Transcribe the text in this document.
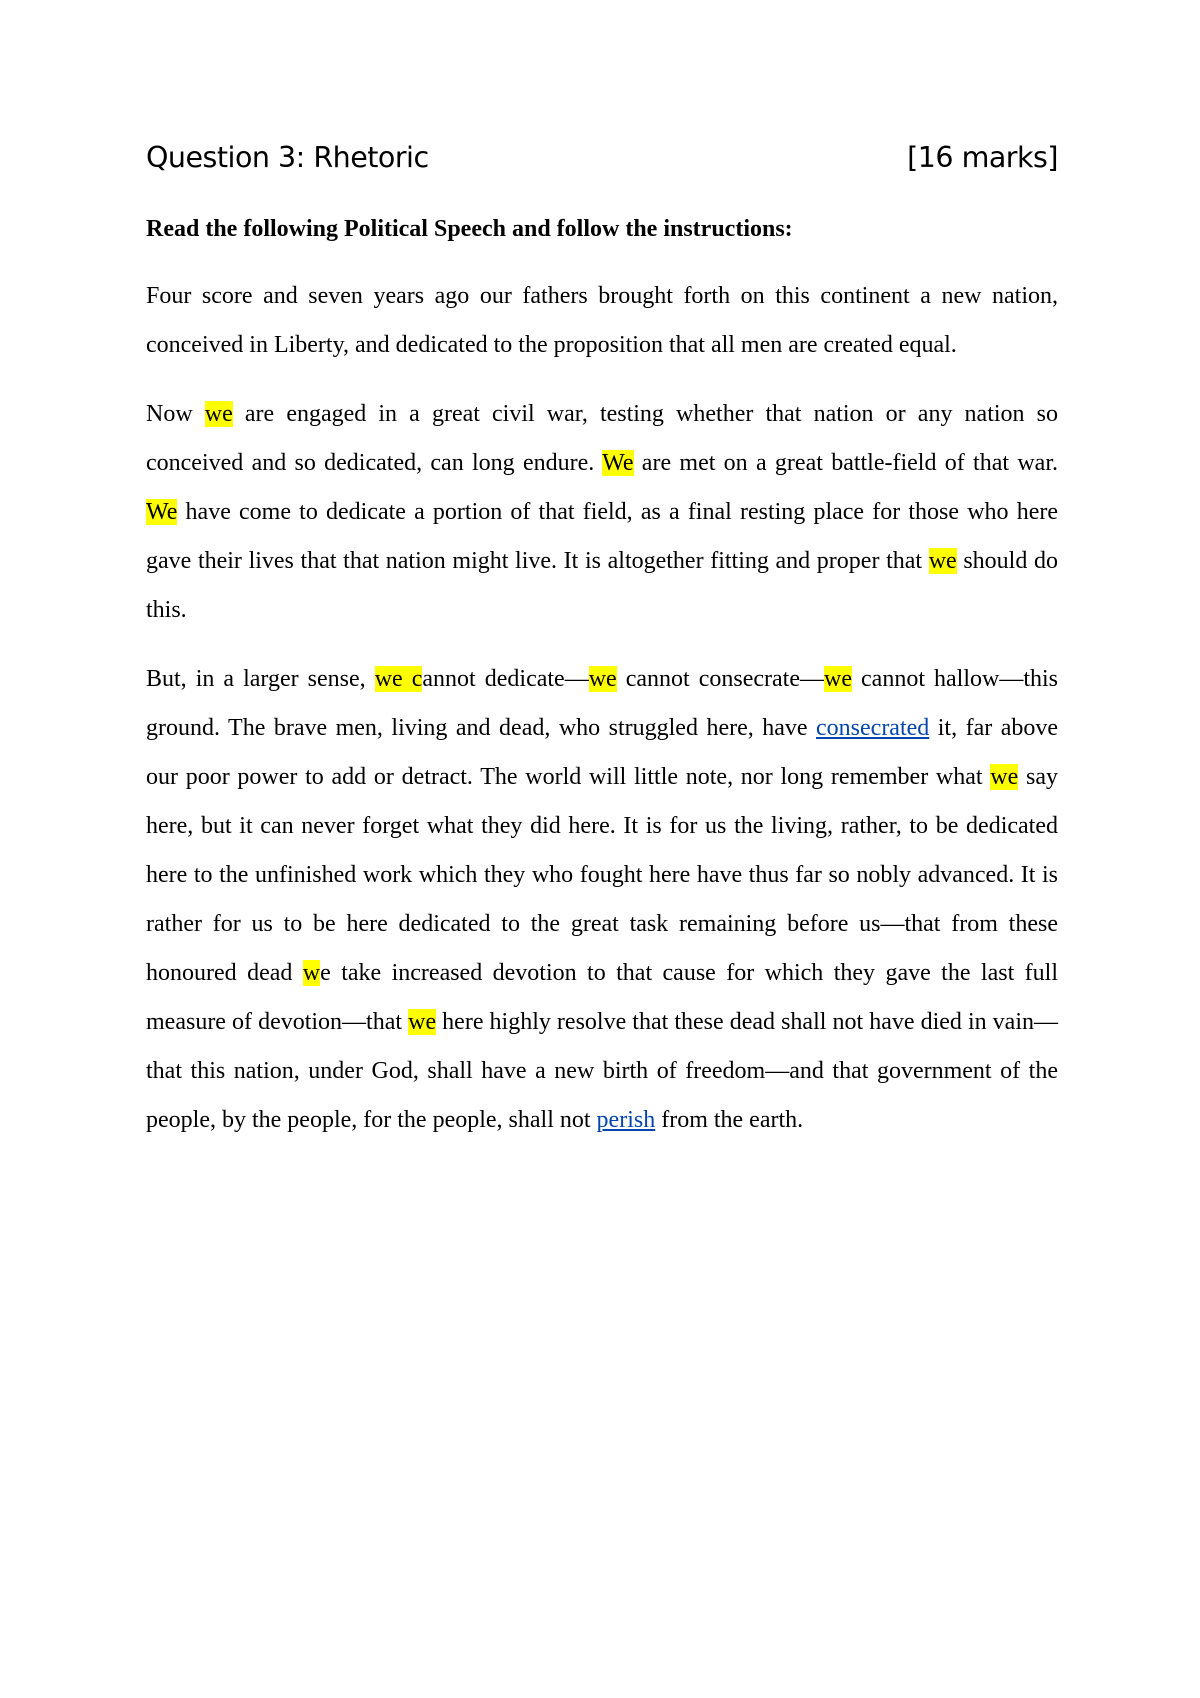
Question 3: Rhetoric	[16 marks]

Read the following Political Speech and follow the instructions:

Four score and seven years ago our fathers brought forth on this continent a new nation, conceived in Liberty, and dedicated to the proposition that all men are created equal.

Now we are engaged in a great civil war, testing whether that nation or any nation so conceived and so dedicated, can long endure. We are met on a great battle-field of that war. We have come to dedicate a portion of that field, as a final resting place for those who here gave their lives that that nation might live. It is altogether fitting and proper that we should do this.

But, in a larger sense, we cannot dedicate—we cannot consecrate—we cannot hallow—this ground. The brave men, living and dead, who struggled here, have consecrated it, far above our poor power to add or detract. The world will little note, nor long remember what we say here, but it can never forget what they did here. It is for us the living, rather, to be dedicated here to the unfinished work which they who fought here have thus far so nobly advanced. It is rather for us to be here dedicated to the great task remaining before us—that from these honoured dead we take increased devotion to that cause for which they gave the last full measure of devotion—that we here highly resolve that these dead shall not have died in vain—that this nation, under God, shall have a new birth of freedom—and that government of the people, by the people, for the people, shall not perish from the earth.
